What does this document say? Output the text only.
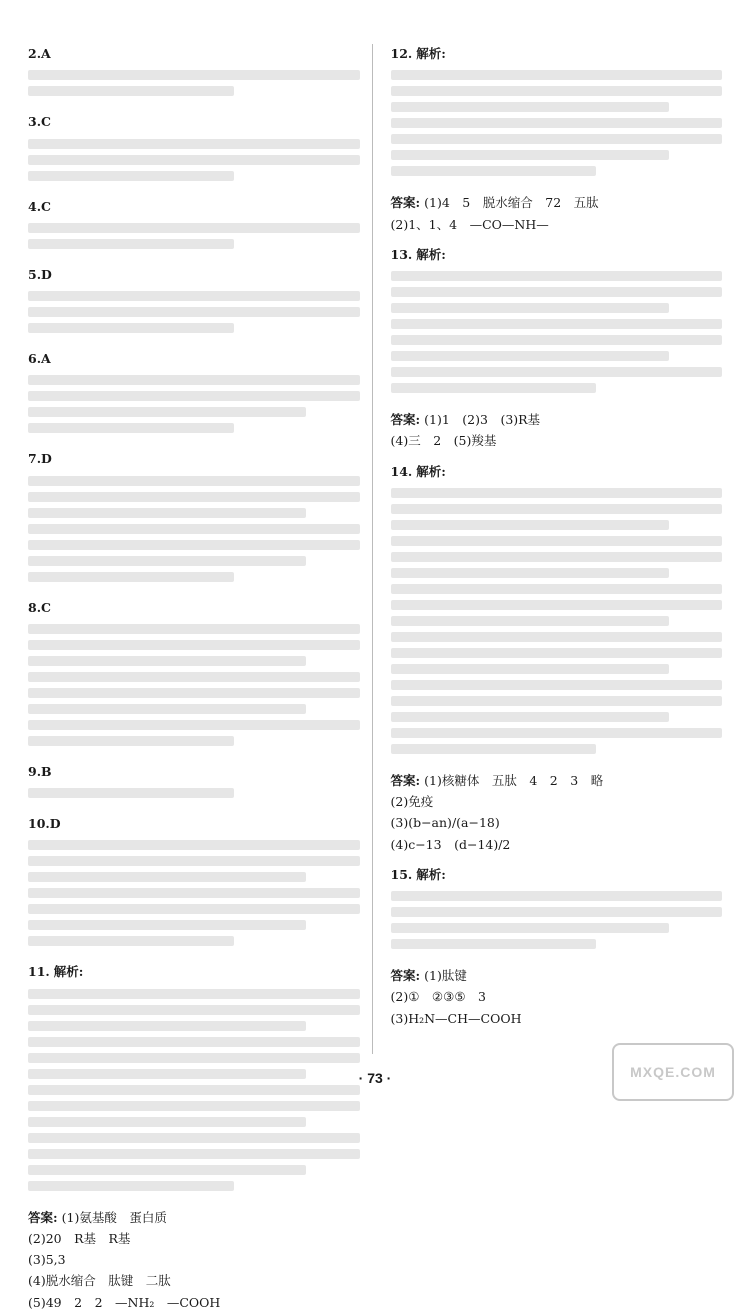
2.A
3.C
4.C
5.D
6.A
7.D
8.C
9.B
10.D
11. 解析:
答案: (1)氨基酸　蛋白质
(2)20　R基　R基
(3)5,3
(4)脱水缩合　肽键　二肽
(5)49　2　2　—NH₂　—COOH
12. 解析:
答案: (1)4　5　脱水缩合　72　五肽
(2)1、1、4　—CO—NH—
13. 解析:
答案: (1)1　(2)3　(3)R基
(4)三　2　(5)羧基
14. 解析:
答案: (1)核糖体　五肽　4　2　3　略
(2)免疫
(3)(b−an)/(a−18)
(4)c−13　(d−14)/2
15. 解析:
答案: (1)肽键
(2)①　②③⑤　3
(3)H₂N—CH—COOH
· 73 ·	MXQE.COM
